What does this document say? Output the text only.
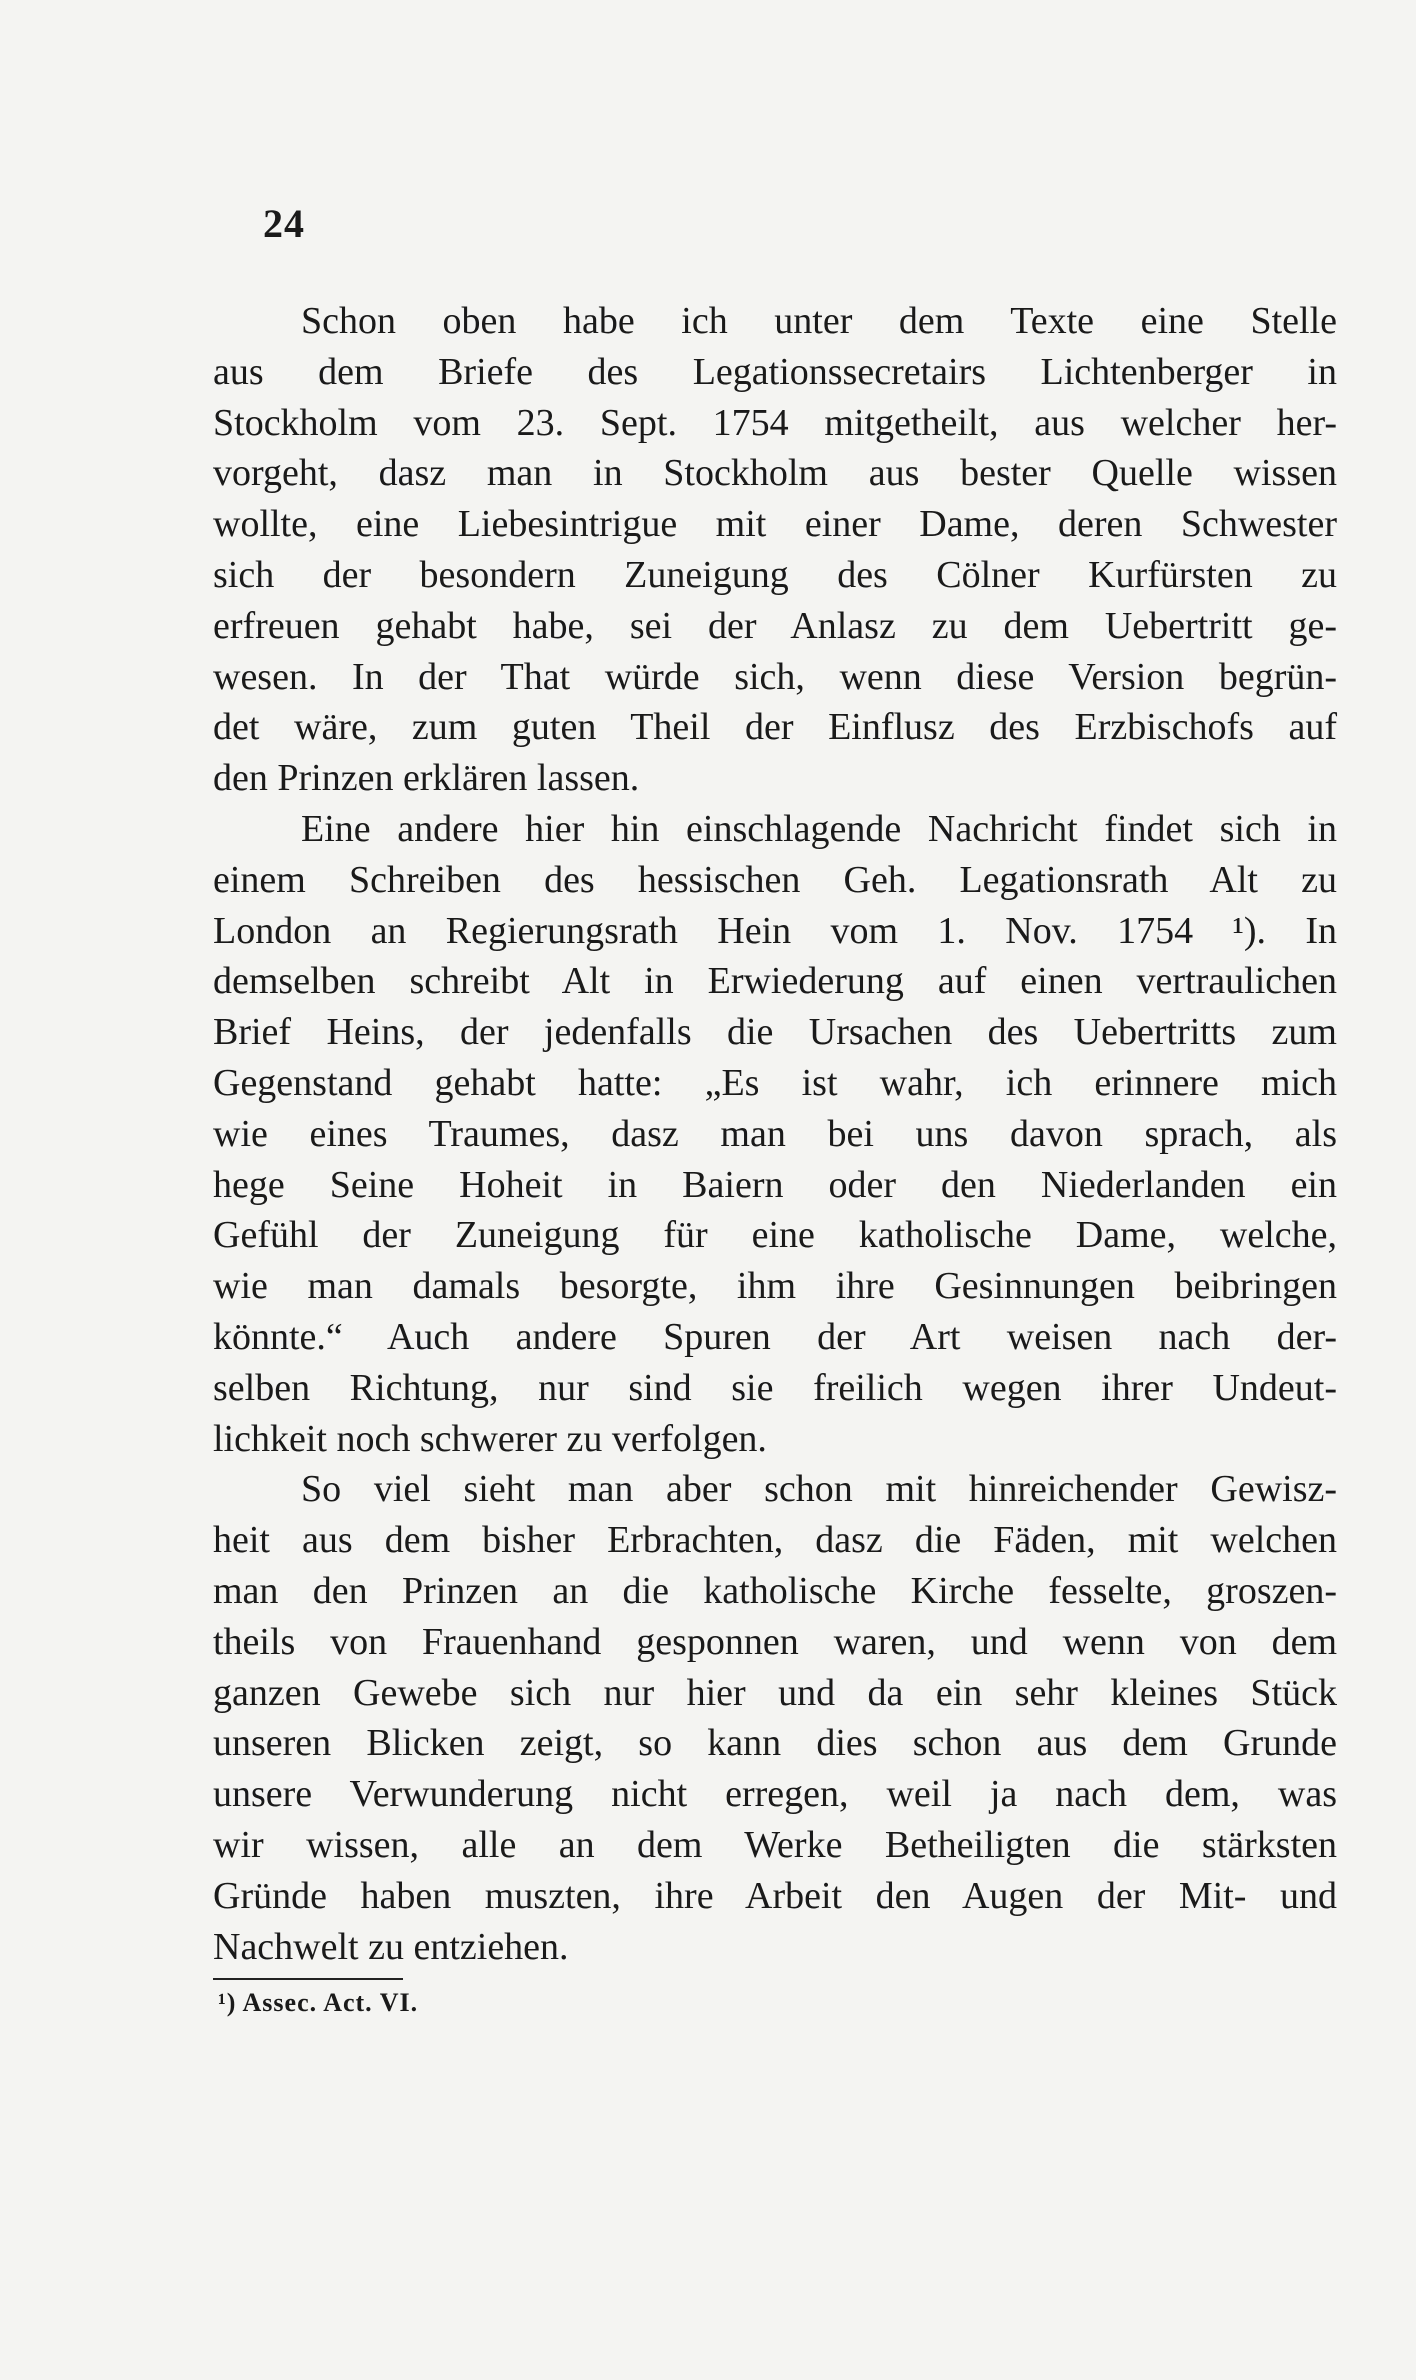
24
Schon oben habe ich unter dem Texte eine Stelle
aus dem Briefe des Legationssecretairs Lichtenberger in
Stockholm vom 23. Sept. 1754 mitgetheilt, aus welcher her-
vorgeht, dasz man in Stockholm aus bester Quelle wissen
wollte, eine Liebesintrigue mit einer Dame, deren Schwester
sich der besondern Zuneigung des Cölner Kurfürsten zu
erfreuen gehabt habe, sei der Anlasz zu dem Uebertritt ge-
wesen. In der That würde sich, wenn diese Version begrün-
det wäre, zum guten Theil der Einflusz des Erzbischofs auf
den Prinzen erklären lassen.
Eine andere hier hin einschlagende Nachricht findet sich in
einem Schreiben des hessischen Geh. Legationsrath Alt zu
London an Regierungsrath Hein vom 1. Nov. 1754 ¹). In
demselben schreibt Alt in Erwiederung auf einen vertraulichen
Brief Heins, der jedenfalls die Ursachen des Uebertritts zum
Gegenstand gehabt hatte: „Es ist wahr, ich erinnere mich
wie eines Traumes, dasz man bei uns davon sprach, als
hege Seine Hoheit in Baiern oder den Niederlanden ein
Gefühl der Zuneigung für eine katholische Dame, welche,
wie man damals besorgte, ihm ihre Gesinnungen beibringen
könnte.“ Auch andere Spuren der Art weisen nach der-
selben Richtung, nur sind sie freilich wegen ihrer Undeut-
lichkeit noch schwerer zu verfolgen.
So viel sieht man aber schon mit hinreichender Gewisz-
heit aus dem bisher Erbrachten, dasz die Fäden, mit welchen
man den Prinzen an die katholische Kirche fesselte, groszen-
theils von Frauenhand gesponnen waren, und wenn von dem
ganzen Gewebe sich nur hier und da ein sehr kleines Stück
unseren Blicken zeigt, so kann dies schon aus dem Grunde
unsere Verwunderung nicht erregen, weil ja nach dem, was
wir wissen, alle an dem Werke Betheiligten die stärksten
Gründe haben muszten, ihre Arbeit den Augen der Mit- und
Nachwelt zu entziehen.
¹) Assec. Act. VI.
